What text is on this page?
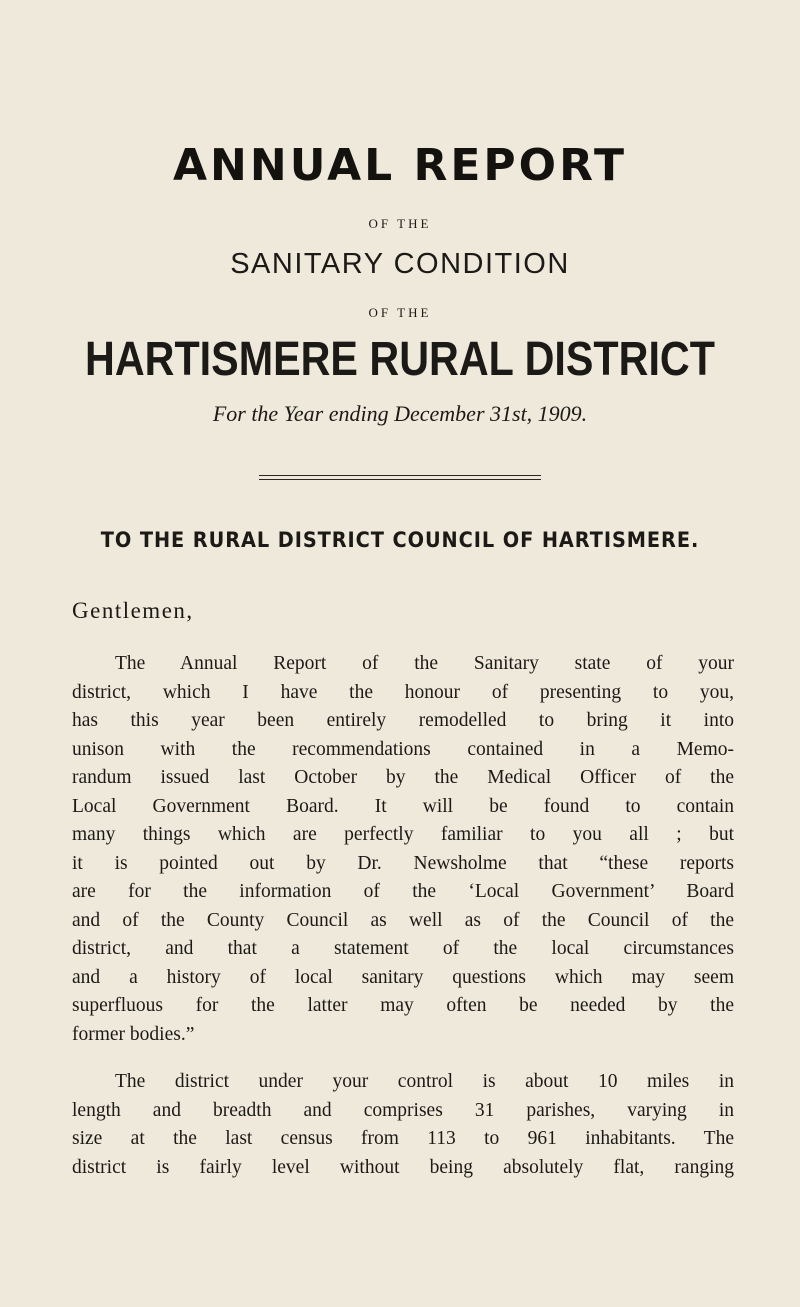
ANNUAL REPORT
OF THE
SANITARY CONDITION
OF THE
HARTISMERE RURAL DISTRICT
For the Year ending December 31st, 1909.
TO THE RURAL DISTRICT COUNCIL OF HARTISMERE.
Gentlemen,
The Annual Report of the Sanitary state of your
district, which I have the honour of presenting to you,
has this year been entirely remodelled to bring it into
unison with the recommendations contained in a Memo-
randum issued last October by the Medical Officer of the
Local Government Board. It will be found to contain
many things which are perfectly familiar to you all ; but
it is pointed out by Dr. Newsholme that “these reports
are for the information of the ‘Local Government’ Board
and of the County Council as well as of the Council of the
district, and that a statement of the local circumstances
and a history of local sanitary questions which may seem
superfluous for the latter may often be needed by the
former bodies.”
The district under your control is about 10 miles in
length and breadth and comprises 31 parishes, varying in
size at the last census from 113 to 961 inhabitants. The
district is fairly level without being absolutely flat, ranging
